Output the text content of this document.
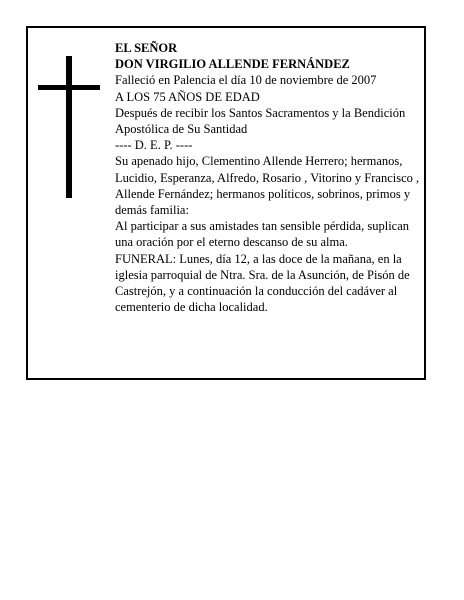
EL SEÑOR

DON VIRGILIO ALLENDE FERNÁNDEZ

Falleció en Palencia el día 10 de noviembre de 2007

A LOS 75 AÑOS DE EDAD

Después de recibir los Santos Sacramentos y la Bendición Apostólica de Su Santidad

---- D. E. P. ----

Su apenado hijo, Clementino Allende Herrero; hermanos, Lucidio, Esperanza, Alfredo, Rosario , Vitorino y Francisco , Allende Fernández; hermanos políticos, sobrinos, primos y demás familia:

Al participar a sus amistades tan sensible pérdida, suplican una oración por el eterno descanso de su alma.

FUNERAL: Lunes, día 12, a las doce de la mañana, en la iglesia parroquial de Ntra. Sra. de la Asunción, de Pisón de Castrejón, y a continuación la conducción del cadáver al cementerio de dicha localidad.
